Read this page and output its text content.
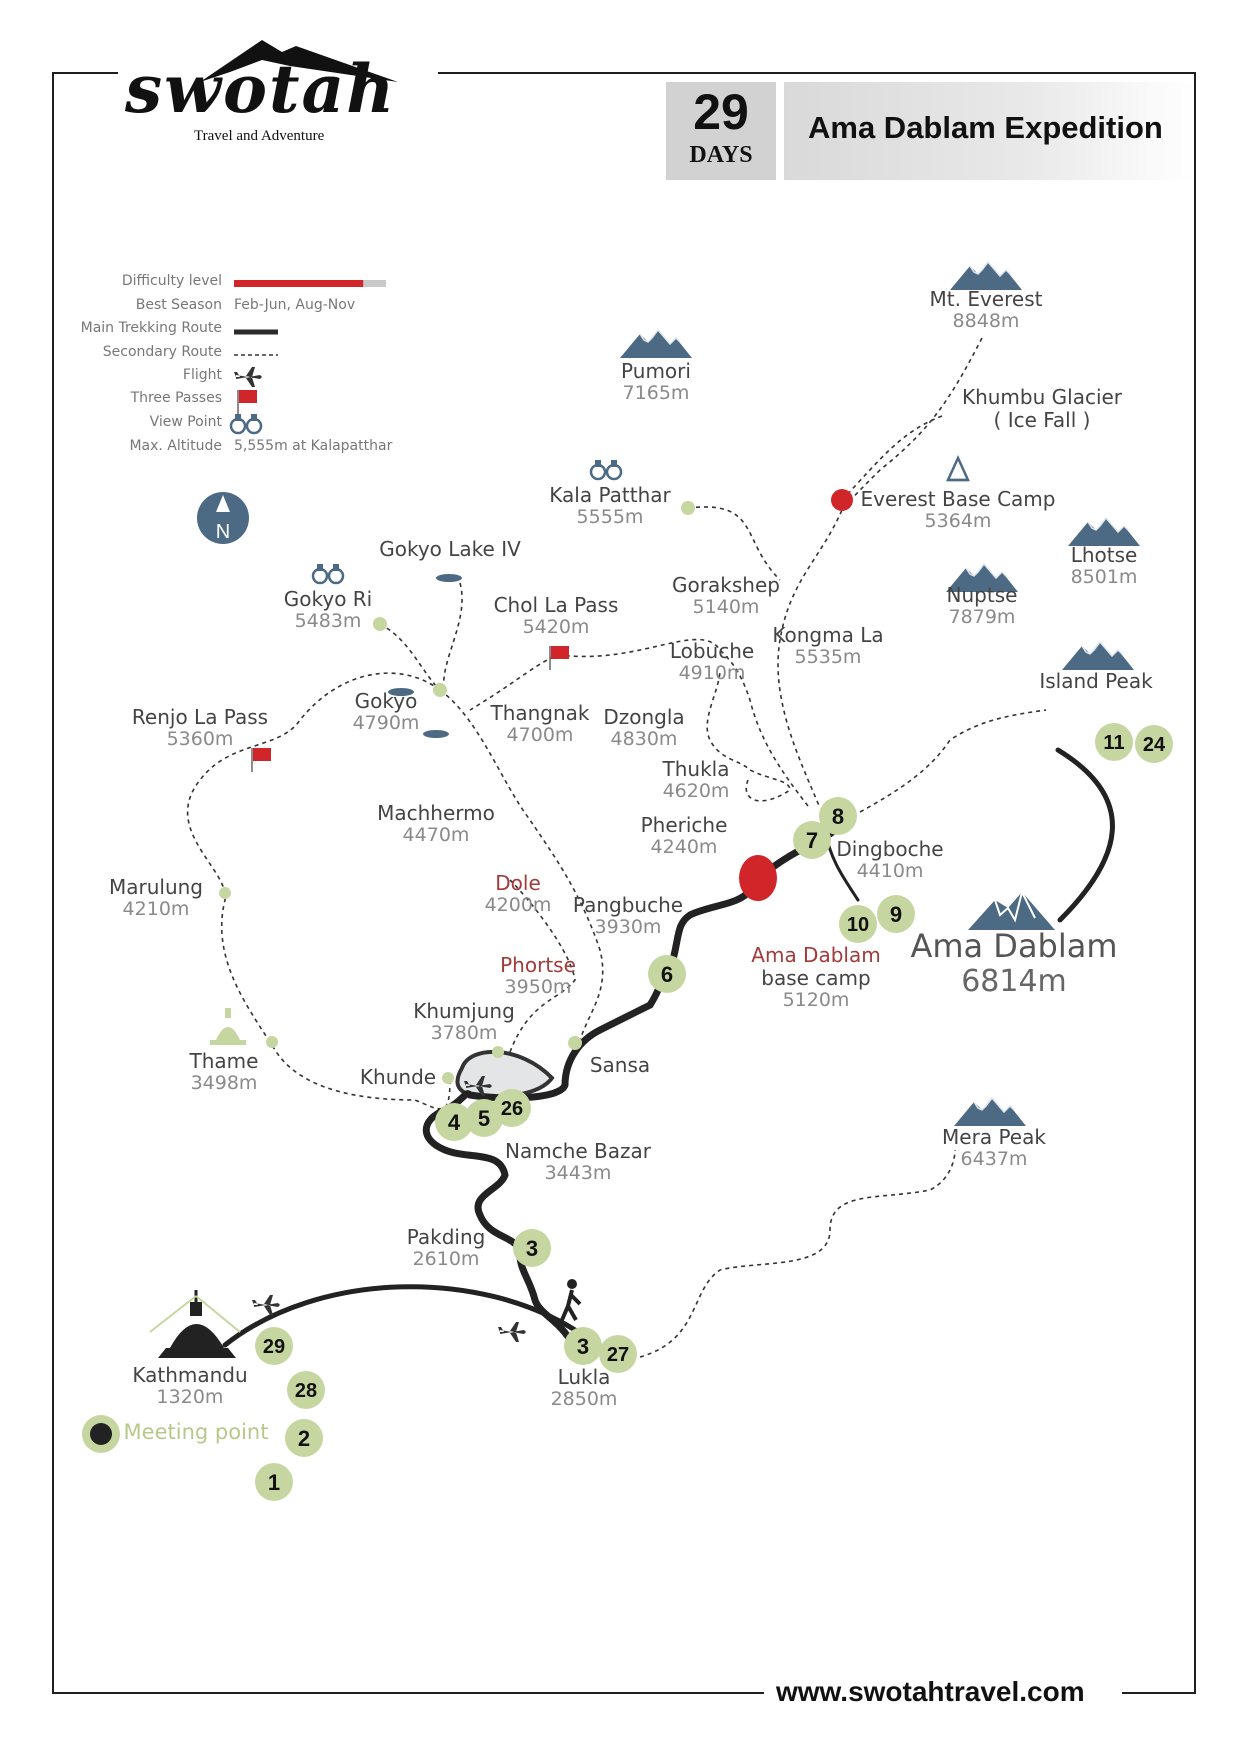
swotah
Travel and Adventure	29
DAYS
Ama Dablam Expedition
Difficulty level
Best Season Feb-Jun, Aug-Nov
Main Trekking Route
Secondary Route
Flight
Three Passes
View Point
Max. Altitude 5,555m at Kalapatthar
N
1
2
28
29
3
3 27
4 5 26
6
7
8
9
10
11 24
Mt. Everest
8848m
Pumori
7165m	Khumbu Glacier
( Ice Fall )
Kala Patthar
5555m
Everest Base Camp
5364m
Lhotse
8501m
Gokyo Lake IV
Gorakshep
5140m	Nuptse
7879m
Gokyo Ri
5483m
Chol La Pass
5420m	Kongma La
5535m
Lobuche
4910m	Island Peak
Gokyo
4790m
Renjo La Pass
5360m
Thangnak
4700m
Dzongla
4830m
Thukla
4620m
Machhermo
4470m	Pheriche
4240m	Dingboche
4410m
Marulung
4210m
Dole
4200m Pangbuche
3930m	Ama Dablam
6814m
Ama Dablam
base camp
5120m
Phortse
3950m
Khumjung
3780m
Thame
3498m
Sansa
Khunde
Namche Bazar
3443m
Mera Peak
6437m
Pakding
2610m
Kathmandu
1320m
Lukla
2850m
Meeting point
www.swotahtravel.com
